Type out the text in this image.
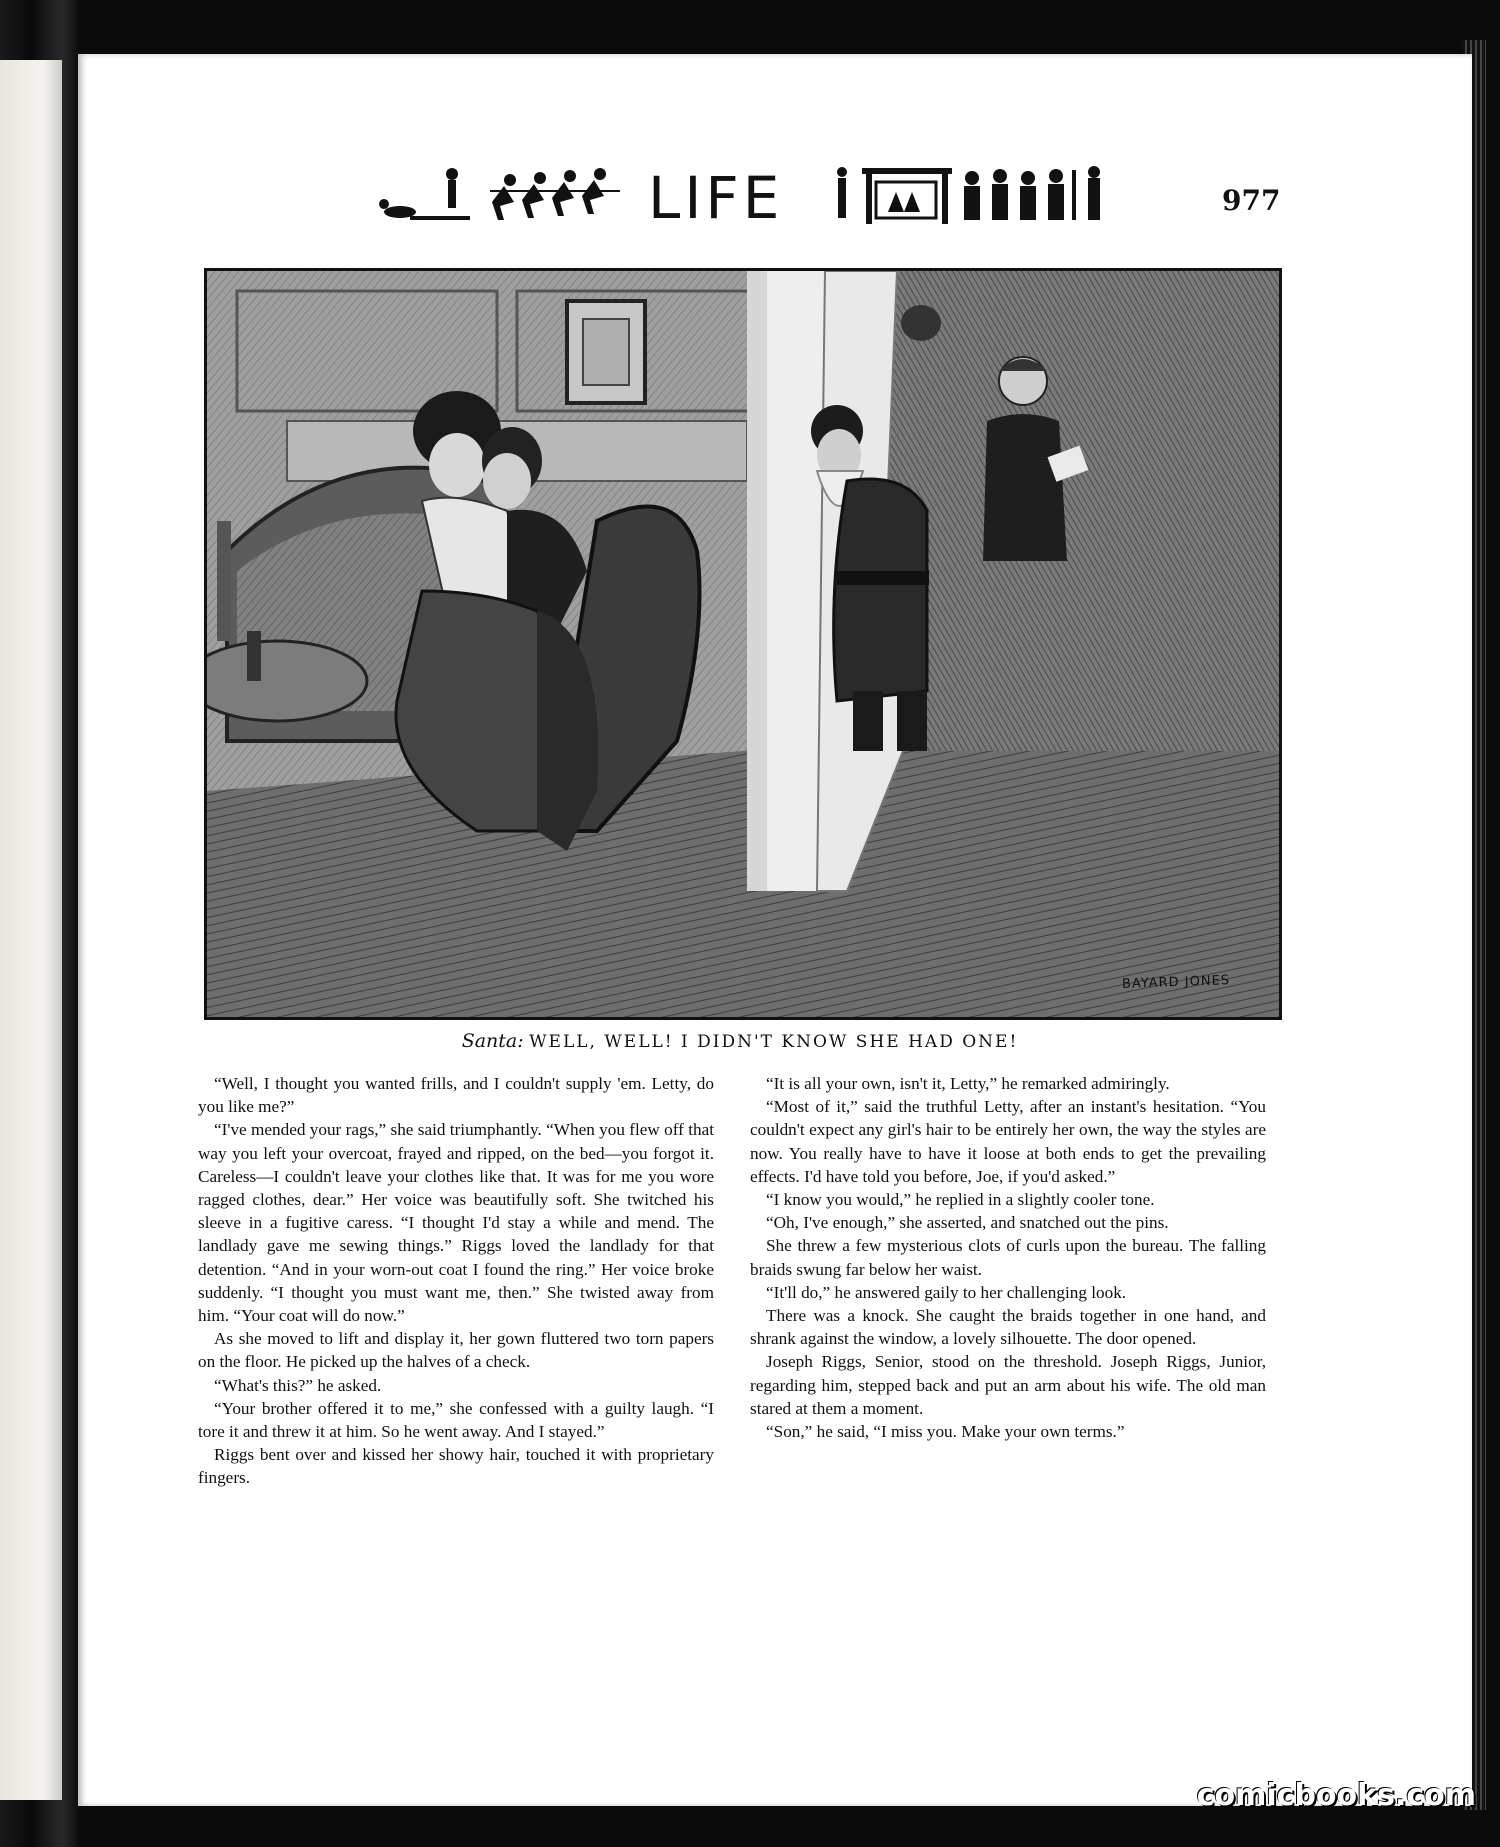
LIFE	977
BAYARD JONES
Santa: WELL, WELL! I DIDN'T KNOW SHE HAD ONE!

“Well, I thought you wanted frills, and I couldn't supply 'em. Letty, do you like me?”

“I've mended your rags,” she said triumphantly. “When you flew off that way you left your overcoat, frayed and ripped, on the bed—you forgot it. Careless—I couldn't leave your clothes like that. It was for me you wore ragged clothes, dear.” Her voice was beautifully soft. She twitched his sleeve in a fugitive caress. “I thought I'd stay a while and mend. The landlady gave me sewing things.” Riggs loved the landlady for that detention. “And in your worn-out coat I found the ring.” Her voice broke suddenly. “I thought you must want me, then.” She twisted away from him. “Your coat will do now.”

As she moved to lift and display it, her gown fluttered two torn papers on the floor. He picked up the halves of a check.

“What's this?” he asked.

“Your brother offered it to me,” she confessed with a guilty laugh. “I tore it and threw it at him. So he went away. And I stayed.”

Riggs bent over and kissed her showy hair, touched it with proprietary fingers.

“It is all your own, isn't it, Letty,” he remarked admiringly.

“Most of it,” said the truthful Letty, after an instant's hesitation. “You couldn't expect any girl's hair to be entirely her own, the way the styles are now. You really have to have it loose at both ends to get the prevailing effects. I'd have told you before, Joe, if you'd asked.”

“I know you would,” he replied in a slightly cooler tone.

“Oh, I've enough,” she asserted, and snatched out the pins.

She threw a few mysterious clots of curls upon the bureau. The falling braids swung far below her waist.

“It'll do,” he answered gaily to her challenging look.

There was a knock. She caught the braids together in one hand, and shrank against the window, a lovely silhouette. The door opened.

Joseph Riggs, Senior, stood on the threshold. Joseph Riggs, Junior, regarding him, stepped back and put an arm about his wife. The old man stared at them a moment.

“Son,” he said, “I miss you. Make your own terms.”

comicbooks.com
